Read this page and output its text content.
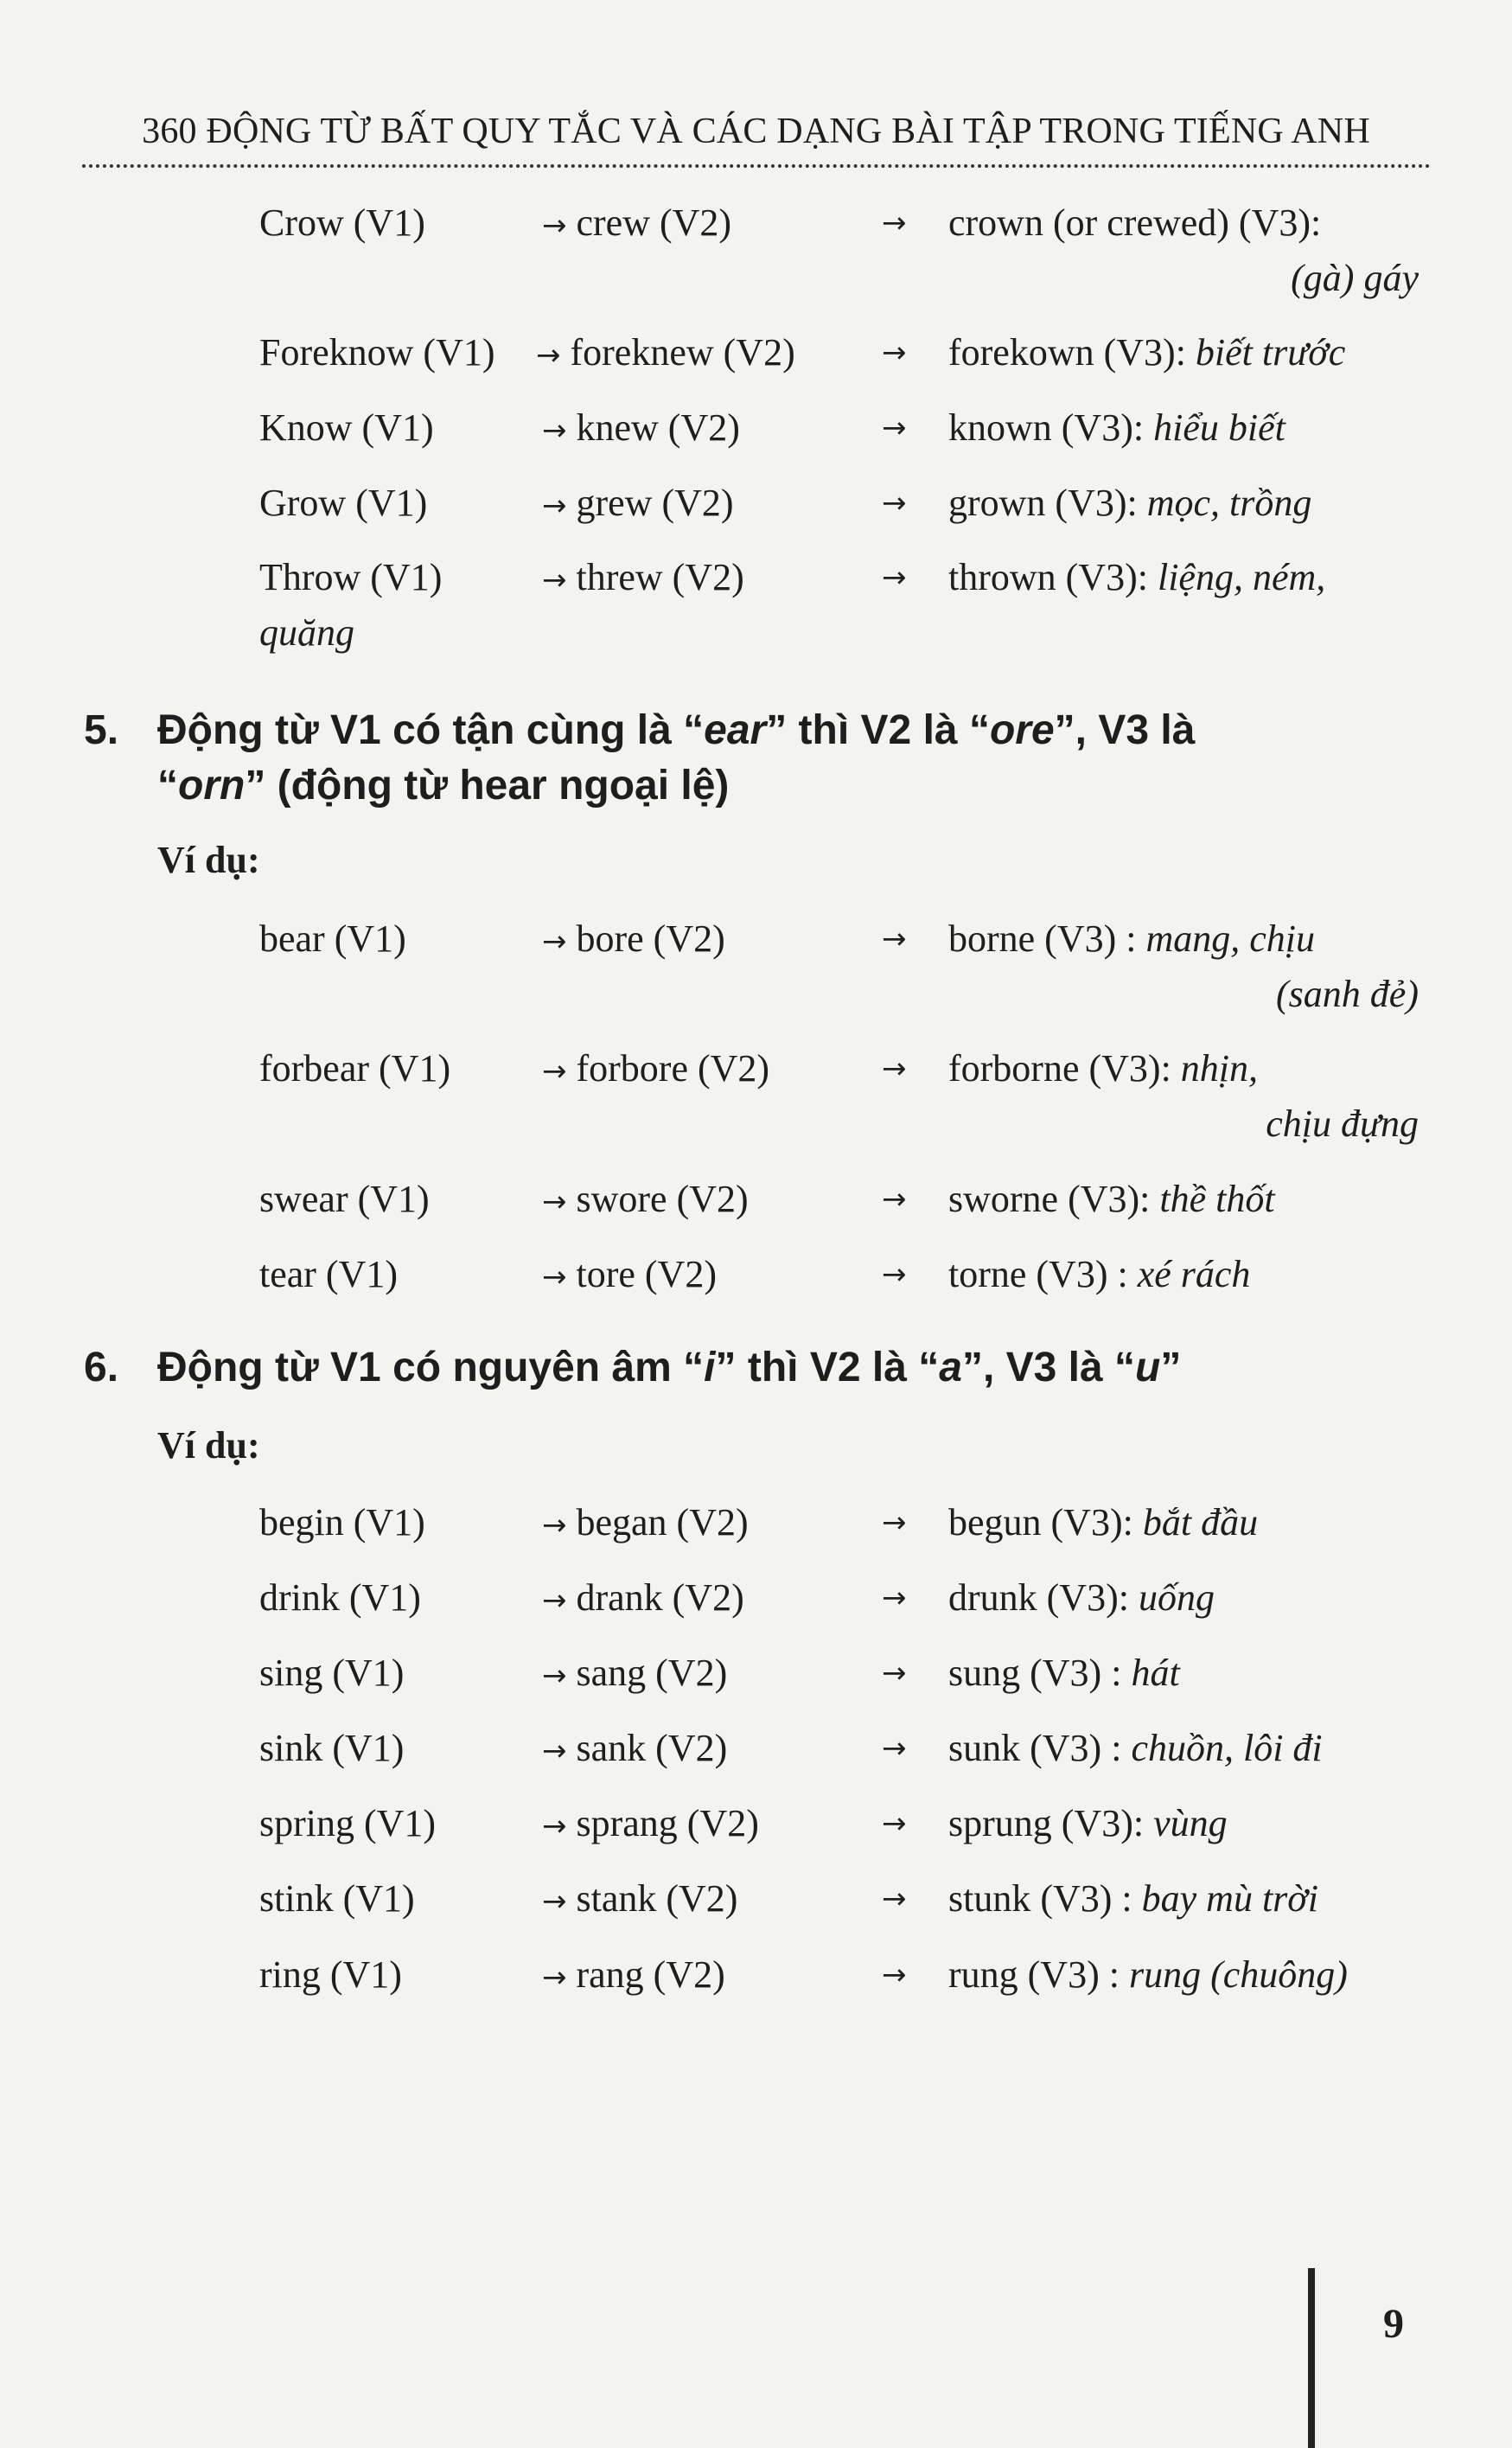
360 ĐỘNG TỪ BẤT QUY TẮC VÀ CÁC DẠNG BÀI TẬP TRONG TIẾNG ANH
Crow (V1)	→ crew (V2)	→ crown (or crewed) (V3):
(gà) gáy
Foreknow (V1) → foreknew (V2)	→ forekown (V3): biết trước
Know (V1)	→ knew (V2)	→ known (V3): hiểu biết
Grow (V1)	→ grew (V2)	→ grown (V3): mọc, trồng
Throw (V1)	→ threw (V2)	→ thrown (V3): liệng, ném,
quăng
5. Động từ V1 có tận cùng là “ear” thì V2 là “ore”, V3 là
“orn” (động từ hear ngoại lệ)
Ví dụ:
bear (V1)	→ bore (V2)	→ borne (V3) : mang, chịu
(sanh đẻ)
forbear (V1)	→ forbore (V2)	→ forborne (V3): nhịn,
chịu đựng
swear (V1)	→ swore (V2)	→ sworne (V3): thề thốt
tear (V1)	→ tore (V2)	→ torne (V3) : xé rách
6. Động từ V1 có nguyên âm “i” thì V2 là “a”, V3 là “u”
Ví dụ:
begin (V1)	→ began (V2)	→ begun (V3): bắt đầu
drink (V1)	→ drank (V2)	→ drunk (V3): uống
sing (V1)	→ sang (V2)	→ sung (V3) : hát
sink (V1)	→ sank (V2)	→ sunk (V3) : chuồn, lôi đi
spring (V1)	→ sprang (V2)	→ sprung (V3): vùng
stink (V1)	→ stank (V2)	→ stunk (V3) : bay mù trời
ring (V1)	→ rang (V2)	→ rung (V3) : rung (chuông)
9
